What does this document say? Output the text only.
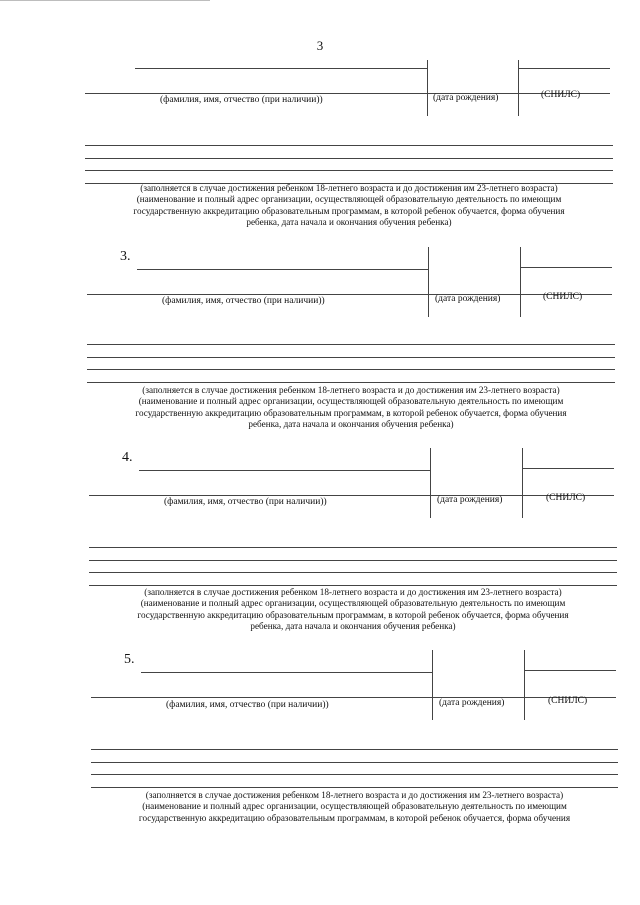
3
(фамилия, имя, отчество (при наличии))	(дата рождения)	(СНИЛС)
(заполняется в случае достижения ребенком 18-летнего возраста и до достижения им 23-летнего возраста)
(наименование и полный адрес организации, осуществляющей образовательную деятельность по имеющим
государственную аккредитацию образовательным программам, в которой ребенок обучается, форма обучения
ребенка, дата начала и окончания обучения ребенка)
3.
(фамилия, имя, отчество (при наличии))	(дата рождения)	(СНИЛС)
(заполняется в случае достижения ребенком 18-летнего возраста и до достижения им 23-летнего возраста)
(наименование и полный адрес организации, осуществляющей образовательную деятельность по имеющим
государственную аккредитацию образовательным программам, в которой ребенок обучается, форма обучения
ребенка, дата начала и окончания обучения ребенка)
4.
(фамилия, имя, отчество (при наличии))	(дата рождения)	(СНИЛС)
(заполняется в случае достижения ребенком 18-летнего возраста и до достижения им 23-летнего возраста)
(наименование и полный адрес организации, осуществляющей образовательную деятельность по имеющим
государственную аккредитацию образовательным программам, в которой ребенок обучается, форма обучения
ребенка, дата начала и окончания обучения ребенка)
5.
(фамилия, имя, отчество (при наличии))	(дата рождения)	(СНИЛС)
(заполняется в случае достижения ребенком 18-летнего возраста и до достижения им 23-летнего возраста)
(наименование и полный адрес организации, осуществляющей образовательную деятельность по имеющим
государственную аккредитацию образовательным программам, в которой ребенок обучается, форма обучения
